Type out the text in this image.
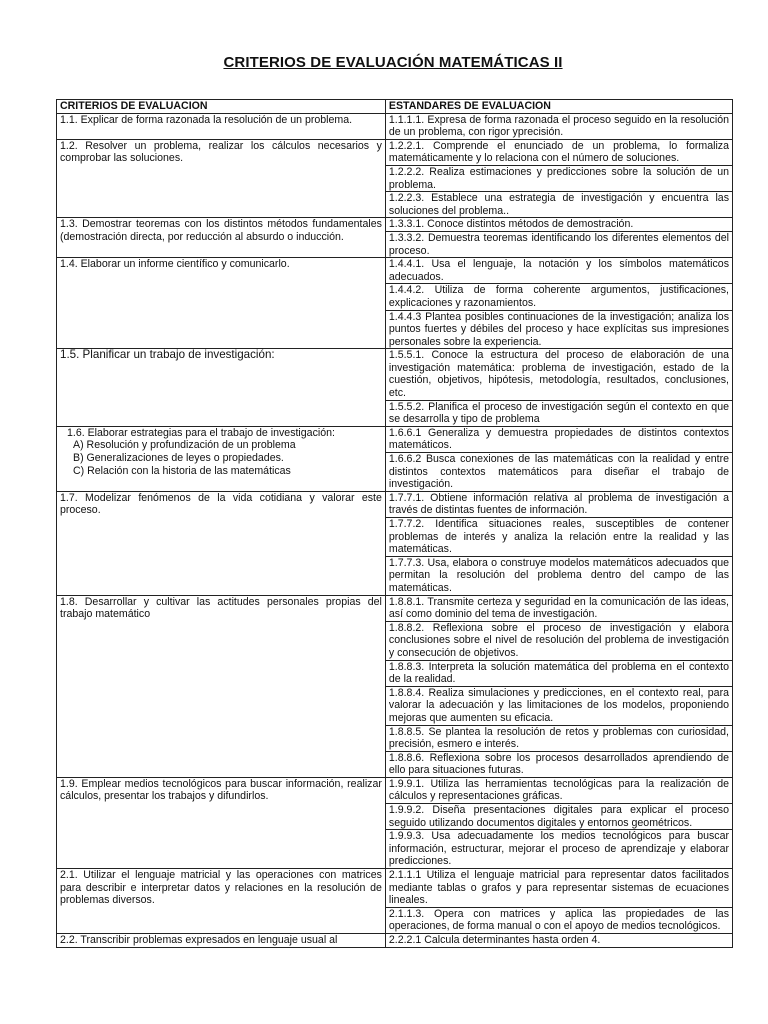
CRITERIOS DE EVALUACIÓN MATEMÁTICAS II
CRITERIOS DE EVALUACION	ESTANDARES DE EVALUACION
1.1. Explicar de forma razonada la resolución de un problema.	1.1.1.1. Expresa de forma razonada el proceso seguido en la resolución de un problema, con rigor yprecisión.
1.2. Resolver un problema, realizar los cálculos necesarios y comprobar las soluciones.	1.2.2.1. Comprende el enunciado de un problema, lo formaliza matemáticamente y lo relaciona con el número de soluciones.
	1.2.2.2. Realiza estimaciones y predicciones sobre la solución de un problema.
	1.2.2.3. Establece una estrategia de investigación y encuentra las soluciones del problema..
1.3. Demostrar teoremas con los distintos métodos fundamentales (demostración directa, por reducción al absurdo o inducción.	1.3.3.1. Conoce distintos métodos de demostración.
	1.3.3.2. Demuestra teoremas identificando los diferentes elementos del proceso.
1.4. Elaborar un informe científico y comunicarlo.	1.4.4.1. Usa el lenguaje, la notación y los símbolos matemáticos adecuados.
	1.4.4.2. Utiliza de forma coherente argumentos, justificaciones, explicaciones y razonamientos.
	1.4.4.3 Plantea posibles continuaciones de la investigación; analiza los puntos fuertes y débiles del proceso y hace explícitas sus impresiones personales sobre la experiencia.
1.5. Planificar un trabajo de investigación:	1.5.5.1. Conoce la estructura del proceso de elaboración de una investigación matemática: problema de investigación, estado de la cuestión, objetivos, hipótesis, metodología, resultados, conclusiones, etc.
	1.5.5.2. Planifica el proceso de investigación según el contexto en que se desarrolla y tipo de problema

1.6. Elaborar estrategias para el trabajo de investigación:
A) Resolución y profundización de un problema
B) Generalizaciones de leyes o propiedades.
C) Relación con la historia de las matemáticas	1.6.6.1 Generaliza y demuestra propiedades de distintos contextos matemáticos.
	1.6.6.2 Busca conexiones de las matemáticas con la realidad y entre distintos contextos matemáticos para diseñar el trabajo de investigación.
1.7. Modelizar fenómenos de la vida cotidiana y valorar este proceso.	1.7.7.1. Obtiene información relativa al problema de investigación a través de distintas fuentes de información.
	1.7.7.2. Identifica situaciones reales, susceptibles de contener problemas de interés y analiza la relación entre la realidad y las matemáticas.
	1.7.7.3. Usa, elabora o construye modelos matemáticos adecuados que permitan la resolución del problema dentro del campo de las matemáticas.
1.8. Desarrollar y cultivar las actitudes personales propias del trabajo matemático	1.8.8.1. Transmite certeza y seguridad en la comunicación de las ideas, así como dominio del tema de investigación.
	1.8.8.2. Reflexiona sobre el proceso de investigación y elabora conclusiones sobre el nivel de resolución del problema de investigación y consecución de objetivos.
	1.8.8.3. Interpreta la solución matemática del problema en el contexto de la realidad.
	1.8.8.4. Realiza simulaciones y predicciones, en el contexto real, para valorar la adecuación y las limitaciones de los modelos, proponiendo mejoras que aumenten su eficacia.
	1.8.8.5. Se plantea la resolución de retos y problemas con curiosidad, precisión, esmero e interés.
	1.8.8.6. Reflexiona sobre los procesos desarrollados aprendiendo de ello para situaciones futuras.
1.9. Emplear medios tecnológicos para buscar información, realizar cálculos, presentar los trabajos y difundirlos.	1.9.9.1. Utiliza las herramientas tecnológicas para la realización de cálculos y representaciones gráficas.
	1.9.9.2. Diseña presentaciones digitales para explicar el proceso seguido utilizando documentos digitales y entornos geométricos.
	1.9.9.3. Usa adecuadamente los medios tecnológicos para buscar información, estructurar, mejorar el proceso de aprendizaje y elaborar predicciones.
2.1. Utilizar el lenguaje matricial y las operaciones con matrices para describir e interpretar datos y relaciones en la resolución de problemas diversos.	2.1.1.1 Utiliza el lenguaje matricial para representar datos facilitados mediante tablas o grafos y para representar sistemas de ecuaciones lineales.
	2.1.1.3. Opera con matrices y aplica las propiedades de las operaciones, de forma manual o con el apoyo de medios tecnológicos.
2.2. Transcribir problemas expresados en lenguaje usual al	2.2.2.1 Calcula determinantes hasta orden 4.
